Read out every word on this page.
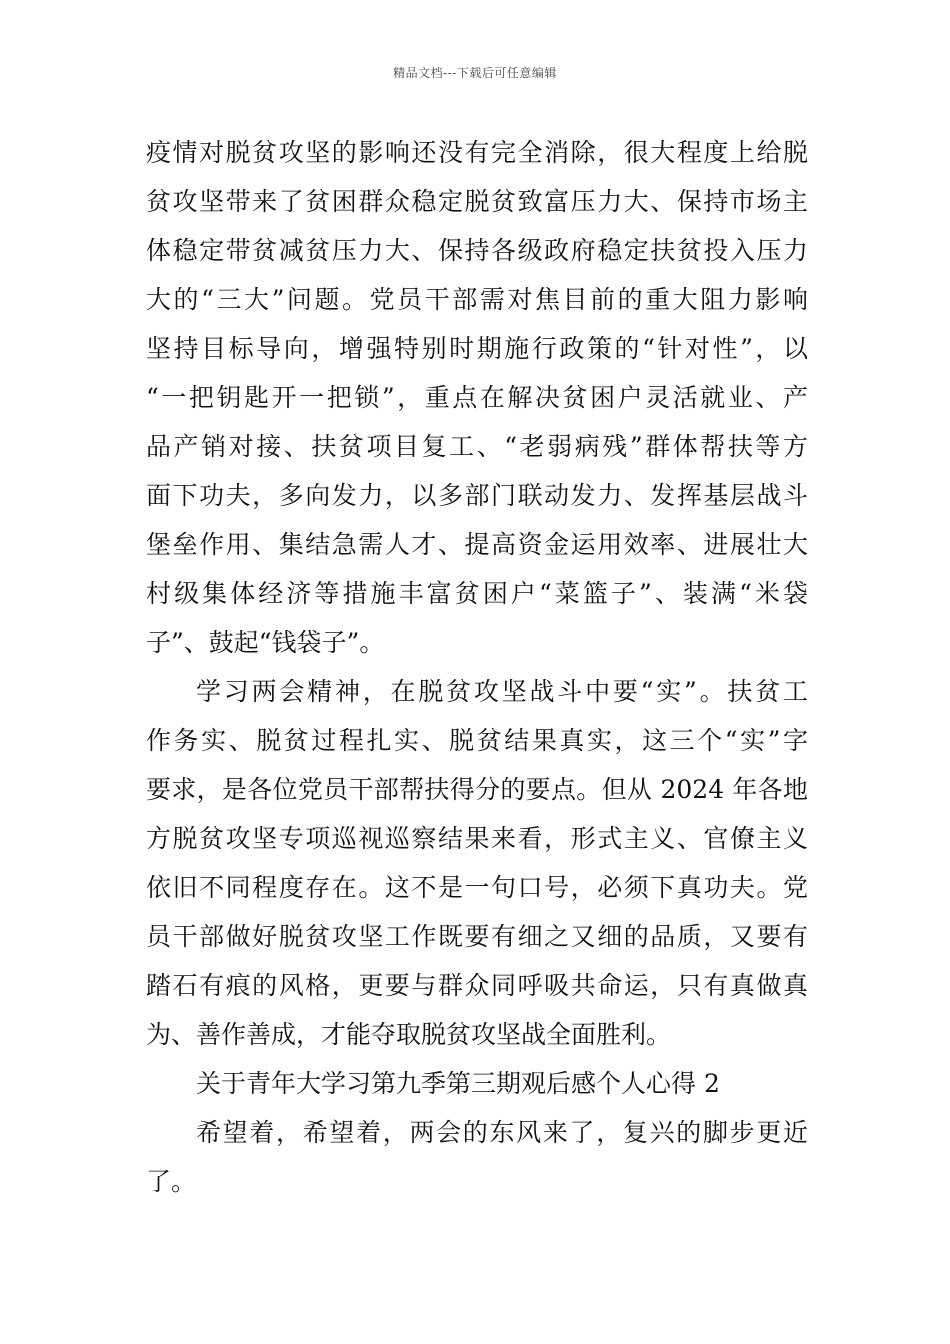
精品文档---下载后可任意编辑
疫情对脱贫攻坚的影响还没有完全消除，很大程度上给脱
贫攻坚带来了贫困群众稳定脱贫致富压力大、保持市场主
体稳定带贫减贫压力大、保持各级政府稳定扶贫投入压力
大的“三大”问题。党员干部需对焦目前的重大阻力影响
坚持目标导向，增强特别时期施行政策的“针对性”，以
“一把钥匙开一把锁”，重点在解决贫困户灵活就业、产
品产销对接、扶贫项目复工、“老弱病残”群体帮扶等方
面下功夫，多向发力，以多部门联动发力、发挥基层战斗
堡垒作用、集结急需人才、提高资金运用效率、进展壮大
村级集体经济等措施丰富贫困户“菜篮子”、装满“米袋
子”、鼓起“钱袋子”。
学习两会精神，在脱贫攻坚战斗中要“实”。扶贫工
作务实、脱贫过程扎实、脱贫结果真实，这三个“实”字
要求，是各位党员干部帮扶得分的要点。但从 2024 年各地
方脱贫攻坚专项巡视巡察结果来看，形式主义、官僚主义
依旧不同程度存在。这不是一句口号，必须下真功夫。党
员干部做好脱贫攻坚工作既要有细之又细的品质，又要有
踏石有痕的风格，更要与群众同呼吸共命运，只有真做真
为、善作善成，才能夺取脱贫攻坚战全面胜利。
关于青年大学习第九季第三期观后感个人心得 2
希望着，希望着，两会的东风来了，复兴的脚步更近
了。
